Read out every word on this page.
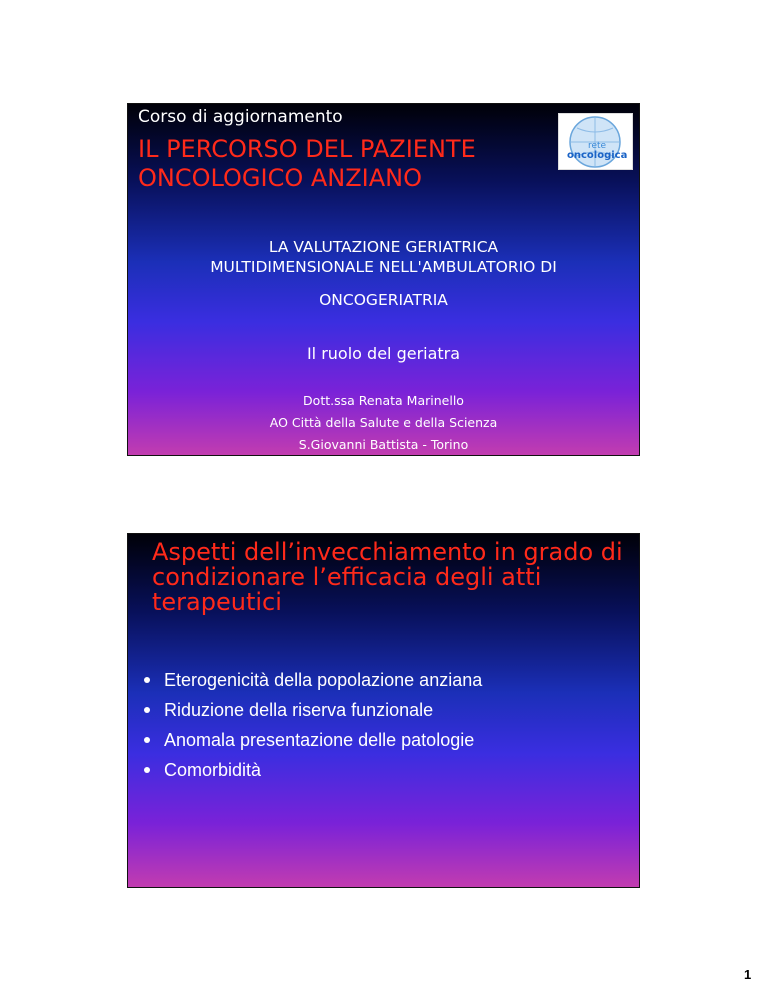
Corso di aggiornamento
IL PERCORSO DEL PAZIENTE
ONCOLOGICO ANZIANO
rete
oncologica
LA VALUTAZIONE GERIATRICA
MULTIDIMENSIONALE NELL'AMBULATORIO DI
ONCOGERIATRIA
Il ruolo del geriatra
Dott.ssa Renata Marinello
AO Città della Salute e della Scienza
S.Giovanni Battista - Torino
Aspetti dell’invecchiamento in grado di condizionare l’efficacia degli atti terapeutici
Eterogenicità della popolazione anziana
Riduzione della riserva funzionale
Anomala presentazione delle patologie
Comorbidità
1
